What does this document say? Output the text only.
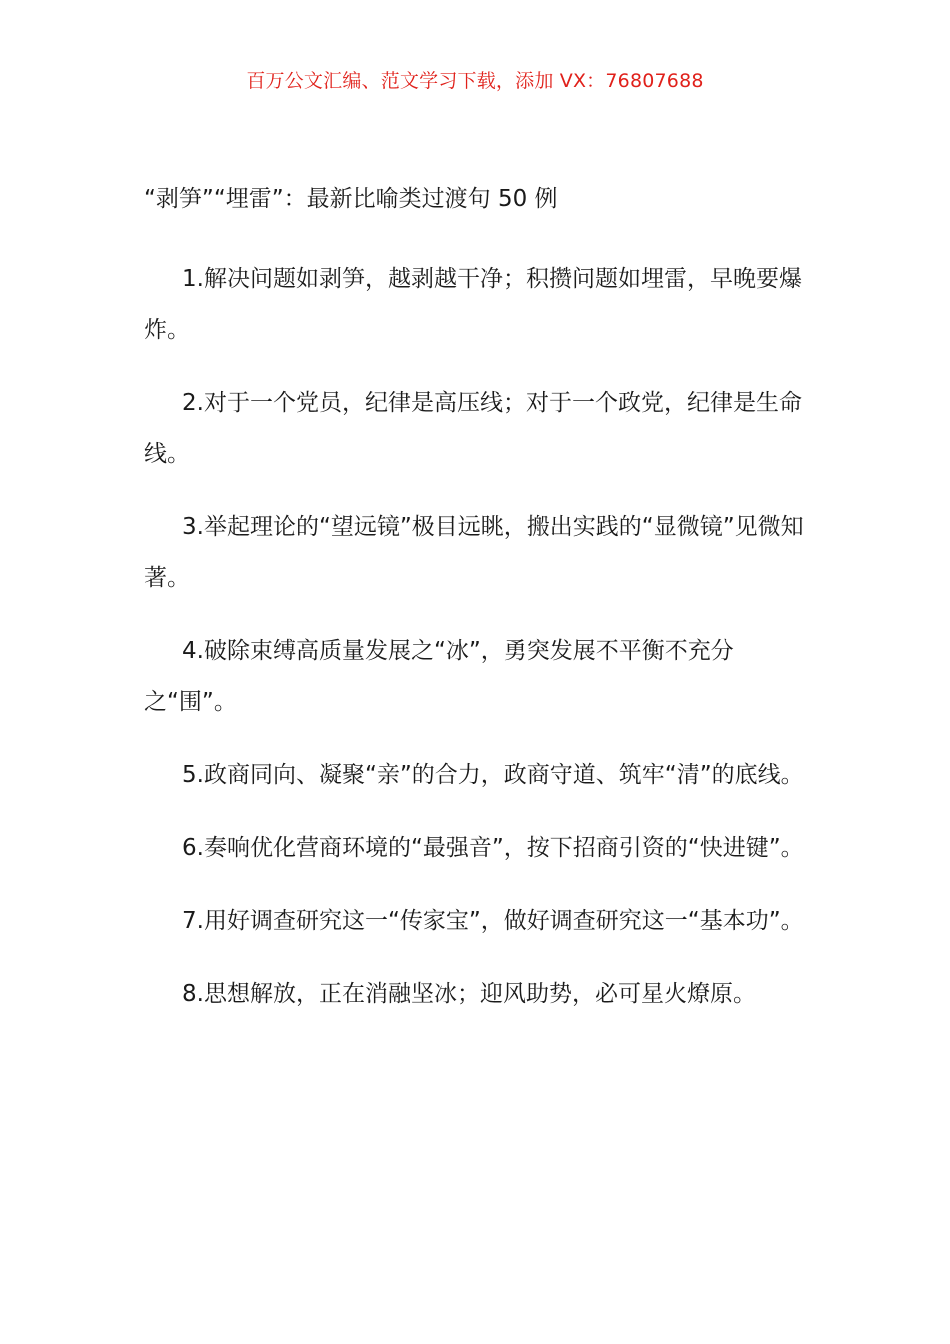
百万公文汇编、范文学习下载，添加 VX：76807688
“剥笋”“埋雷”：最新比喻类过渡句 50 例

1.解决问题如剥笋，越剥越干净；积攒问题如埋雷，早晚要爆炸。

2.对于一个党员，纪律是高压线；对于一个政党，纪律是生命线。

3.举起理论的“望远镜”极目远眺，搬出实践的“显微镜”见微知著。

4.破除束缚高质量发展之“冰”，勇突发展不平衡不充分之“围”。

5.政商同向、凝聚“亲”的合力，政商守道、筑牢“清”的底线。

6.奏响优化营商环境的“最强音”，按下招商引资的“快进键”。

7.用好调查研究这一“传家宝”，做好调查研究这一“基本功”。

8.思想解放，正在消融坚冰；迎风助势，必可星火燎原。
